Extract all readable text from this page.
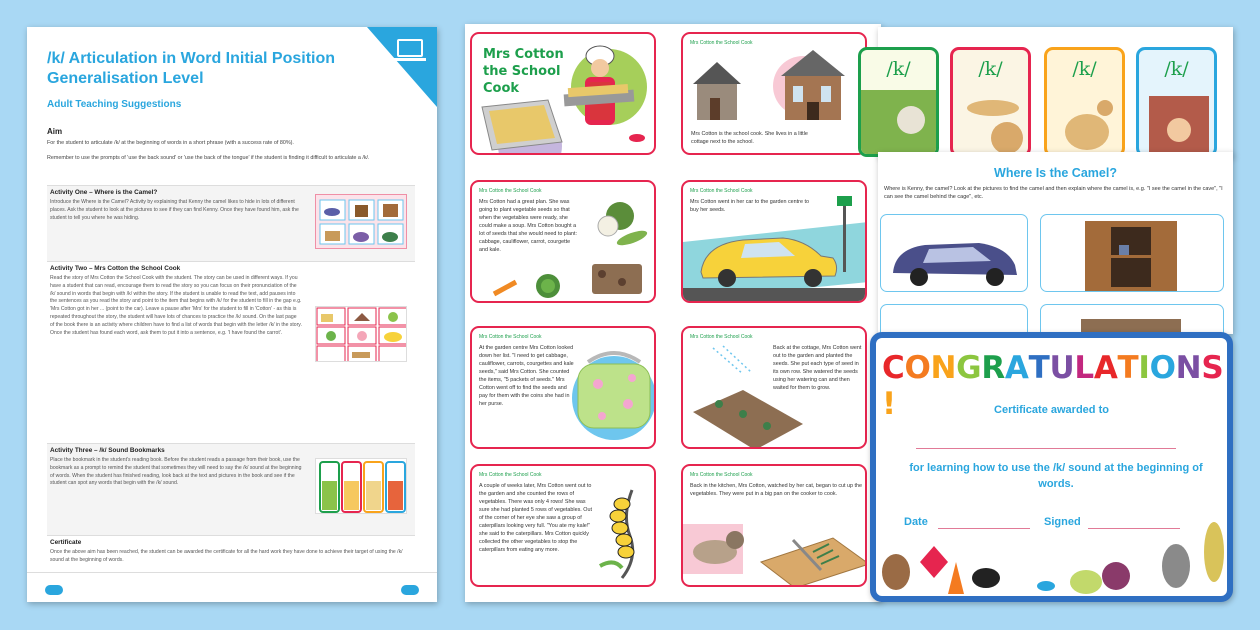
/k/ Articulation in Word Initial Position Generalisation Level
Adult Teaching Suggestions
Aim

For the student to articulate /k/ at the beginning of words in a short phrase (with a success rate of 80%).

Remember to use the prompts of 'use the back sound' or 'use the back of the tongue' if the student is finding it difficult to articulate a /k/.

Activity One – Where is the Camel?
Introduce the Where is the Camel? Activity by explaining that Kenny the camel likes to hide in lots of different places. Ask the student to look at the pictures to see if they can find Kenny. Once they have found him, ask the student to tell you where he was hiding.
Activity Two – Mrs Cotton the School Cook
Read the story of Mrs Cotton the School Cook with the student. The story can be used in different ways. If you have a student that can read, encourage them to read the story so you can focus on their pronunciation of the /k/ sound in words that begin with /k/ within the story. If the student is unable to read the text, add pauses into the sentences as you read the story and point to the item that begins with /k/ for the student to fill in the gap e.g. 'Mrs Cotton got in her ... (point to the car). Leave a pause after 'Mrs' for the student to fill in 'Cotton' - as this is repeated throughout the story, the student will have lots of chances to practice the /k/ sound. On the last page of the book there is an activity where children have to find a list of words that begin with the letter /k/ in the story. Once the student has found each word, ask them to put it into a sentence, e.g. 'I have found the carrot'.
Activity Three – /k/ Sound Bookmarks
Place the bookmark in the student's reading book. Before the student reads a passage from their book, use the bookmark as a prompt to remind the student that sometimes they will need to say the /k/ sound at the beginning of words. When the student has finished reading, look back at the text and pictures in the book and see if the student can spot any words that begin with the /k/ sound.
Certificate
Once the above aim has been reached, the student can be awarded the certificate for all the hard work they have done to achieve their target of using the /k/ sound at the beginning of words.
Mrs Cotton the School Cook
Mrs Cotton the School Cook
Mrs Cotton is the school cook. She lives in a little cottage next to the school.
Mrs Cotton the School Cook
Mrs Cotton had a great plan. She was going to plant vegetable seeds so that when the vegetables were ready, she could make a soup. Mrs Cotton bought a lot of seeds that she would need to plant: cabbage, cauliflower, carrot, courgette and kale.
Mrs Cotton the School Cook
Mrs Cotton went in her car to the garden centre to buy her seeds.
Mrs Cotton the School Cook
At the garden centre Mrs Cotton looked down her list. "I need to get cabbage, cauliflower, carrots, courgettes and kale seeds," said Mrs Cotton. She counted the items, "5 packets of seeds." Mrs Cotton went off to find the seeds and pay for them with the coins she had in her purse.
Mrs Cotton the School Cook
Back at the cottage, Mrs Cotton went out to the garden and planted the seeds. She put each type of seed in its own row. She watered the seeds using her watering can and then waited for them to grow.
Mrs Cotton the School Cook
A couple of weeks later, Mrs Cotton went out to the garden and she counted the rows of vegetables. There was only 4 rows! She was sure she had planted 5 rows of vegetables. Out of the corner of her eye she saw a group of caterpillars looking very full. "You ate my kale!" she said to the caterpillars. Mrs Cotton quickly collected the other vegetables to stop the caterpillars from eating any more.
Mrs Cotton the School Cook
Back in the kitchen, Mrs Cotton, watched by her cat, began to cut up the vegetables. They were put in a big pan on the cooker to cook.
/k/	/k/	/k/	/k/
Where Is the Camel?
Where is Kenny, the camel? Look at the pictures to find the camel and then explain where the camel is, e.g. "I see the camel in the cave", "I can see the camel behind the cage", etc.
CONGRATULATIONS!	Certificate awarded to
for learning how to use the /k/ sound at the beginning of words.
Date	Signed
